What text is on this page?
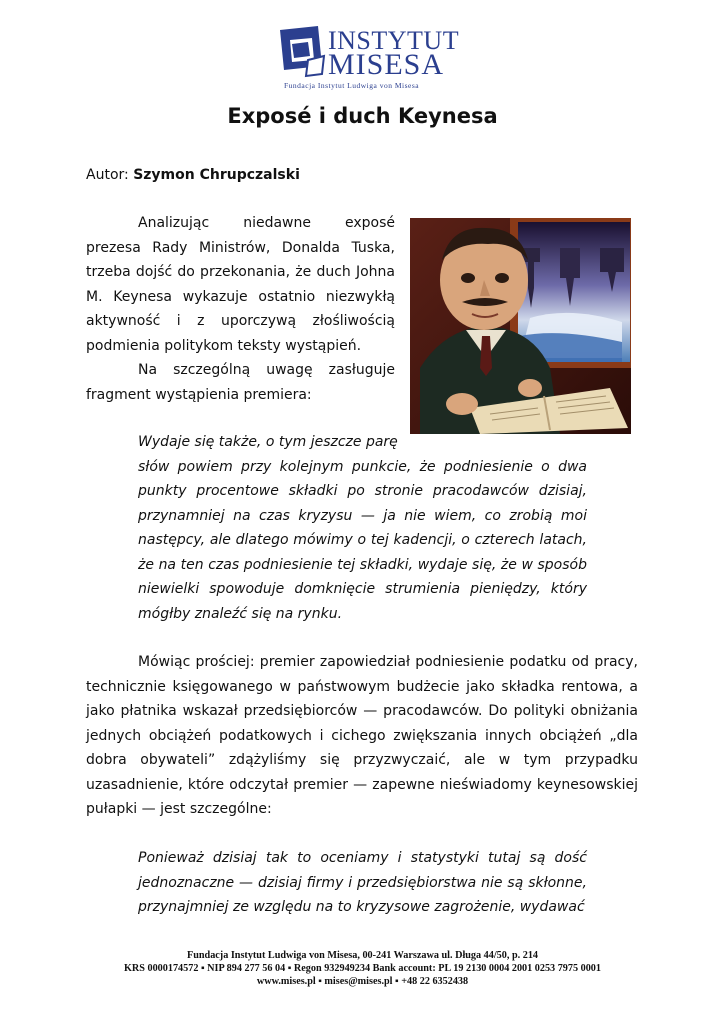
INSTYTUT
MISESA
Fundacja Instytut Ludwiga von Misesa
Exposé i duch Keynesa
Autor: Szymon Chrupczalski

Analizując niedawne exposé prezesa Rady Ministrów, Donalda Tuska, trzeba dojść do przekonania, że duch Johna M. Keynesa wykazuje ostatnio niezwykłą aktywność i z uporczywą złośliwością podmienia politykom teksty wystąpień.

Na szczególną uwagę zasługuje fragment wystąpienia premiera:

Wydaje się także, o tym jeszcze parę
słów powiem przy kolejnym punkcie, że podniesienie o dwa punkty procentowe składki po stronie pracodawców dzisiaj, przynamniej na czas kryzysu — ja nie wiem, co zrobią moi następcy, ale dlatego mówimy o tej kadencji, o czterech latach, że na ten czas podniesienie tej składki, wydaje się, że w sposób niewielki spowoduje domknięcie strumienia pieniędzy, który mógłby znaleźć się na rynku.

Mówiąc prościej: premier zapowiedział podniesienie podatku od pracy, technicznie księgowanego w państwowym budżecie jako składka rentowa, a jako płatnika wskazał przedsiębiorców — pracodawców. Do polityki obniżania jednych obciążeń podatkowych i cichego zwiększania innych obciążeń „dla dobra obywateli” zdążyliśmy się przyzwyczaić, ale w tym przypadku uzasadnienie, które odczytał premier — zapewne nieświadomy keynesowskiej pułapki — jest szczególne:

Ponieważ dzisiaj tak to oceniamy i statystyki tutaj są dość jednoznaczne — dzisiaj firmy i przedsiębiorstwa nie są skłonne, przynajmniej ze względu na to kryzysowe zagrożenie, wydawać
Fundacja Instytut Ludwiga von Misesa, 00-241 Warszawa ul. Długa 44/50, p. 214
KRS 0000174572 ▪ NIP 894 277 56 04 ▪ Regon 932949234 Bank account: PL 19 2130 0004 2001 0253 7975 0001
www.mises.pl ▪ mises@mises.pl ▪ +48 22 6352438
